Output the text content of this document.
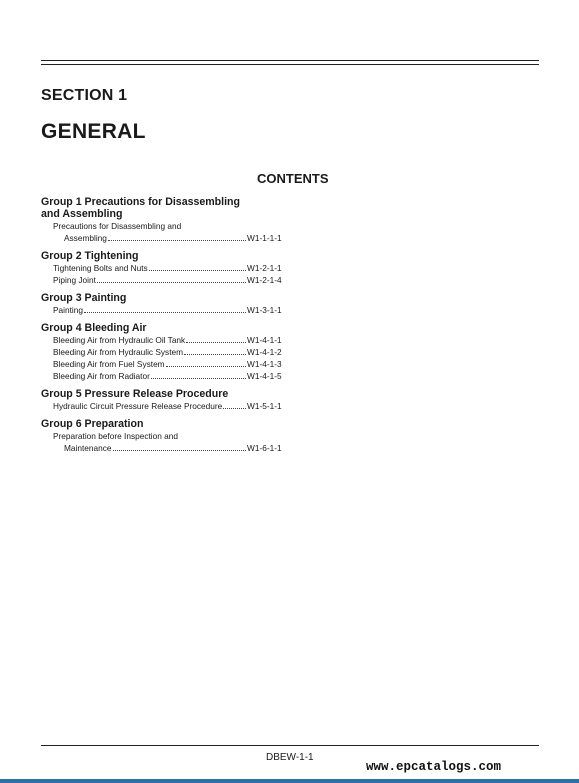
SECTION 1
GENERAL
CONTENTS
Group 1 Precautions for Disassembling
and Assembling
Precautions for Disassembling and
Assembling	W1-1-1-1
Group 2 Tightening
Tightening Bolts and Nuts	W1-2-1-1
Piping Joint	W1-2-1-4
Group 3 Painting
Painting	W1-3-1-1
Group 4 Bleeding Air
Bleeding Air from Hydraulic Oil Tank	W1-4-1-1
Bleeding Air from Hydraulic System	W1-4-1-2
Bleeding Air from Fuel System	W1-4-1-3
Bleeding Air from Radiator	W1-4-1-5
Group 5 Pressure Release Procedure
Hydraulic Circuit Pressure Release Procedure	W1-5-1-1
Group 6 Preparation
Preparation before Inspection and
Maintenance	W1-6-1-1
DBEW-1-1
www.epcatalogs.com
